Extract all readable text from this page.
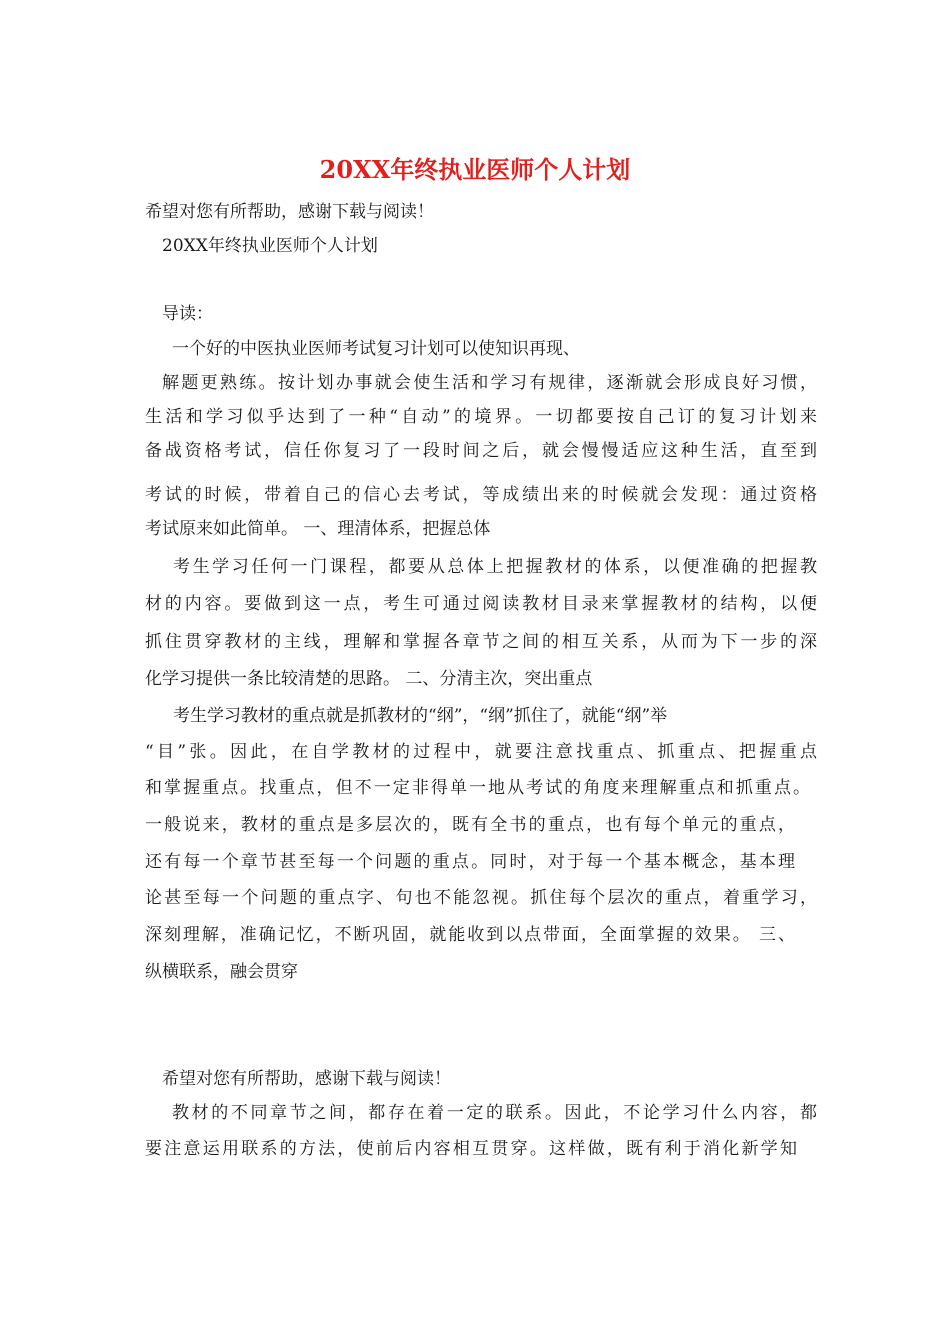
20XX年终执业医师个人计划
希望对您有所帮助，感谢下载与阅读！
20XX年终执业医师个人计划
导读：
一个好的中医执业医师考试复习计划可以使知识再现、
解题更熟练。按计划办事就会使生活和学习有规律，逐渐就会形成良好习惯，
生活和学习似乎达到了一种“自动”的境界。一切都要按自己订的复习计划来
备战资格考试，信任你复习了一段时间之后，就会慢慢适应这种生活，直至到
考试的时候，带着自己的信心去考试，等成绩出来的时候就会发现：通过资格
考试原来如此简单。 一、理清体系，把握总体
考生学习任何一门课程，都要从总体上把握教材的体系，以便准确的把握教
材的内容。要做到这一点，考生可通过阅读教材目录来掌握教材的结构，以便
抓住贯穿教材的主线，理解和掌握各章节之间的相互关系，从而为下一步的深
化学习提供一条比较清楚的思路。 二、分清主次，突出重点
考生学习教材的重点就是抓教材的“纲”，“纲”抓住了，就能“纲”举
“目”张。因此，在自学教材的过程中，就要注意找重点、抓重点、把握重点
和掌握重点。找重点，但不一定非得单一地从考试的角度来理解重点和抓重点。
一般说来，教材的重点是多层次的，既有全书的重点，也有每个单元的重点，
还有每一个章节甚至每一个问题的重点。同时，对于每一个基本概念，基本理
论甚至每一个问题的重点字、句也不能忽视。抓住每个层次的重点，着重学习，
深刻理解，准确记忆，不断巩固，就能收到以点带面，全面掌握的效果。 三、
纵横联系，融会贯穿
希望对您有所帮助，感谢下载与阅读！
教材的不同章节之间，都存在着一定的联系。因此，不论学习什么内容，都
要注意运用联系的方法，使前后内容相互贯穿。这样做，既有利于消化新学知
